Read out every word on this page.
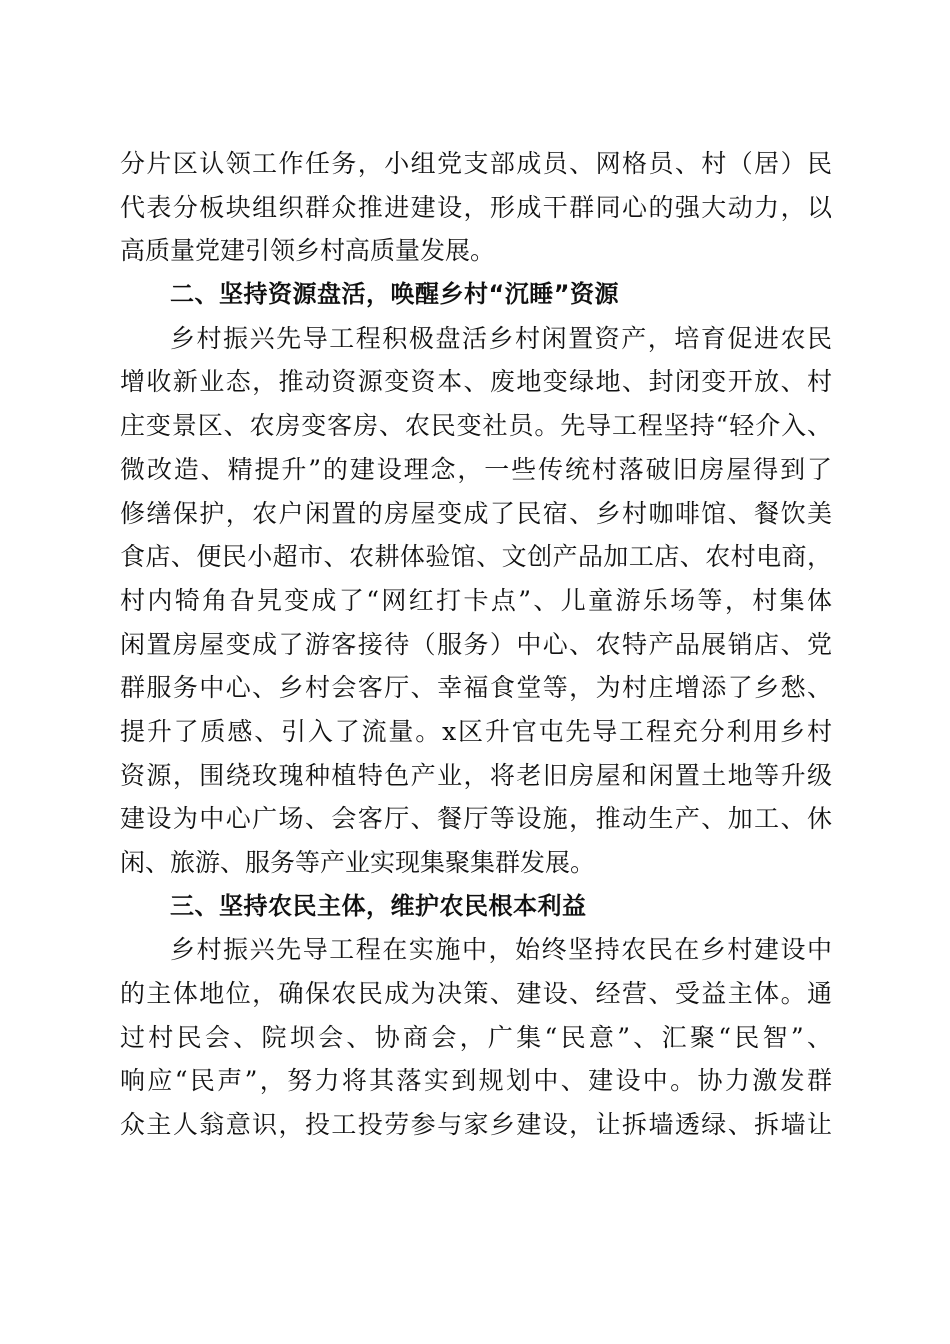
分片区认领工作任务，小组党支部成员、网格员、村（居）民
代表分板块组织群众推进建设，形成干群同心的强大动力，以
高质量党建引领乡村高质量发展。
二、坚持资源盘活，唤醒乡村“沉睡”资源
乡村振兴先导工程积极盘活乡村闲置资产，培育促进农民
增收新业态，推动资源变资本、废地变绿地、封闭变开放、村
庄变景区、农房变客房、农民变社员。先导工程坚持“轻介入、
微改造、精提升”的建设理念，一些传统村落破旧房屋得到了
修缮保护，农户闲置的房屋变成了民宿、乡村咖啡馆、餐饮美
食店、便民小超市、农耕体验馆、文创产品加工店、农村电商，
村内犄角旮旯变成了“网红打卡点”、儿童游乐场等，村集体
闲置房屋变成了游客接待（服务）中心、农特产品展销店、党
群服务中心、乡村会客厅、幸福食堂等，为村庄增添了乡愁、
提升了质感、引入了流量。x区升官屯先导工程充分利用乡村
资源，围绕玫瑰种植特色产业，将老旧房屋和闲置土地等升级
建设为中心广场、会客厅、餐厅等设施，推动生产、加工、休
闲、旅游、服务等产业实现集聚集群发展。
三、坚持农民主体，维护农民根本利益
乡村振兴先导工程在实施中，始终坚持农民在乡村建设中
的主体地位，确保农民成为决策、建设、经营、受益主体。通
过村民会、院坝会、协商会，广集“民意”、汇聚“民智”、
响应“民声”，努力将其落实到规划中、建设中。协力激发群
众主人翁意识，投工投劳参与家乡建设，让拆墙透绿、拆墙让
